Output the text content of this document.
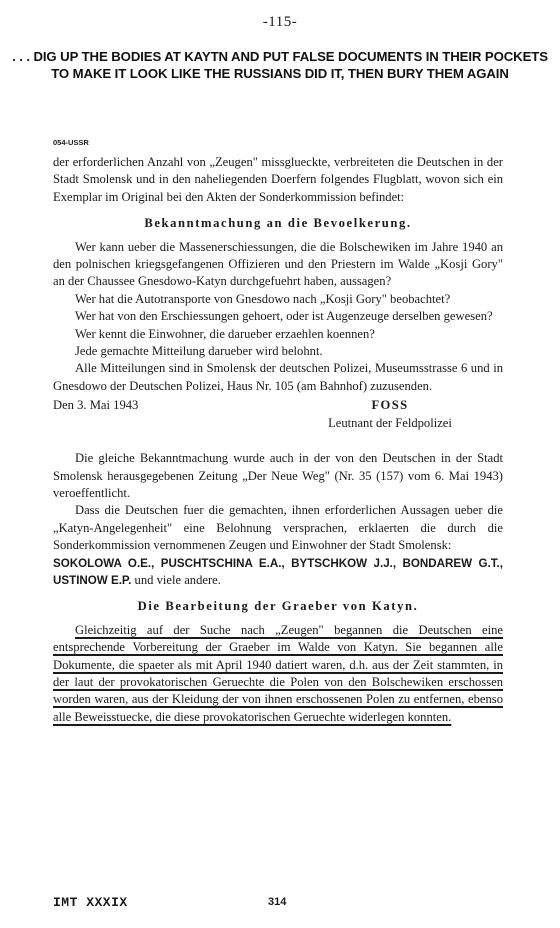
-115-
. . . DIG UP THE BODIES AT KAYTN AND PUT FALSE DOCUMENTS IN THEIR POCKETS TO MAKE IT LOOK LIKE THE RUSSIANS DID IT, THEN BURY THEM AGAIN
054-USSR

der erforderlichen Anzahl von „Zeugen" missglueckte, verbreiteten die Deutschen in der Stadt Smolensk und in den naheliegenden Doerfern folgendes Flugblatt, wovon sich ein Exemplar im Original bei den Akten der Sonderkommission befindet:

Bekanntmachung an die Bevoelkerung.

Wer kann ueber die Massenerschiessungen, die die Bolschewiken im Jahre 1940 an den polnischen kriegsgefangenen Offizieren und den Priestern im Walde „Kosji Gory" an der Chaussee Gnesdowo-Katyn durchgefuehrt haben, aussagen?

Wer hat die Autotransporte von Gnesdowo nach „Kosji Gory" beobachtet?

Wer hat von den Erschiessungen gehoert, oder ist Augenzeuge derselben gewesen?

Wer kennt die Einwohner, die darueber erzaehlen koennen?

Jede gemachte Mitteilung darueber wird belohnt.

Alle Mitteilungen sind in Smolensk der deutschen Polizei, Museumsstrasse 6 und in Gnesdowo der Deutschen Polizei, Haus Nr. 105 (am Bahnhof) zuzusenden.

Den 3. Mai 1943	FOSS
Leutnant der Feldpolizei

Die gleiche Bekanntmachung wurde auch in der von den Deutschen in der Stadt Smolensk herausgegebenen Zeitung „Der Neue Weg" (Nr. 35 (157) vom 6. Mai 1943) veroeffentlicht.

Dass die Deutschen fuer die gemachten, ihnen erforderlichen Aussagen ueber die „Katyn-Angelegenheit" eine Belohnung versprachen, erklaerten die durch die Sonderkommission vernommenen Zeugen und Einwohner der Stadt Smolensk:

SOKOLOWA O.E., PUSCHTSCHINA E.A., BYTSCHKOW J.J., BONDAREW G.T., USTINOW E.P. und viele andere.

Die Bearbeitung der Graeber von Katyn.

Gleichzeitig auf der Suche nach „Zeugen" begannen die Deutschen eine entsprechende Vorbereitung der Graeber im Walde von Katyn. Sie begannen alle Dokumente, die spaeter als mit April 1940 datiert waren, d.h. aus der Zeit stammten, in der laut der provokatorischen Geruechte die Polen von den Bolschewiken erschossen worden waren, aus der Kleidung der von ihnen erschossenen Polen zu entfernen, ebenso alle Beweisstuecke, die diese provokatorischen Geruechte widerlegen konnten.

IMT XXXIX	314
